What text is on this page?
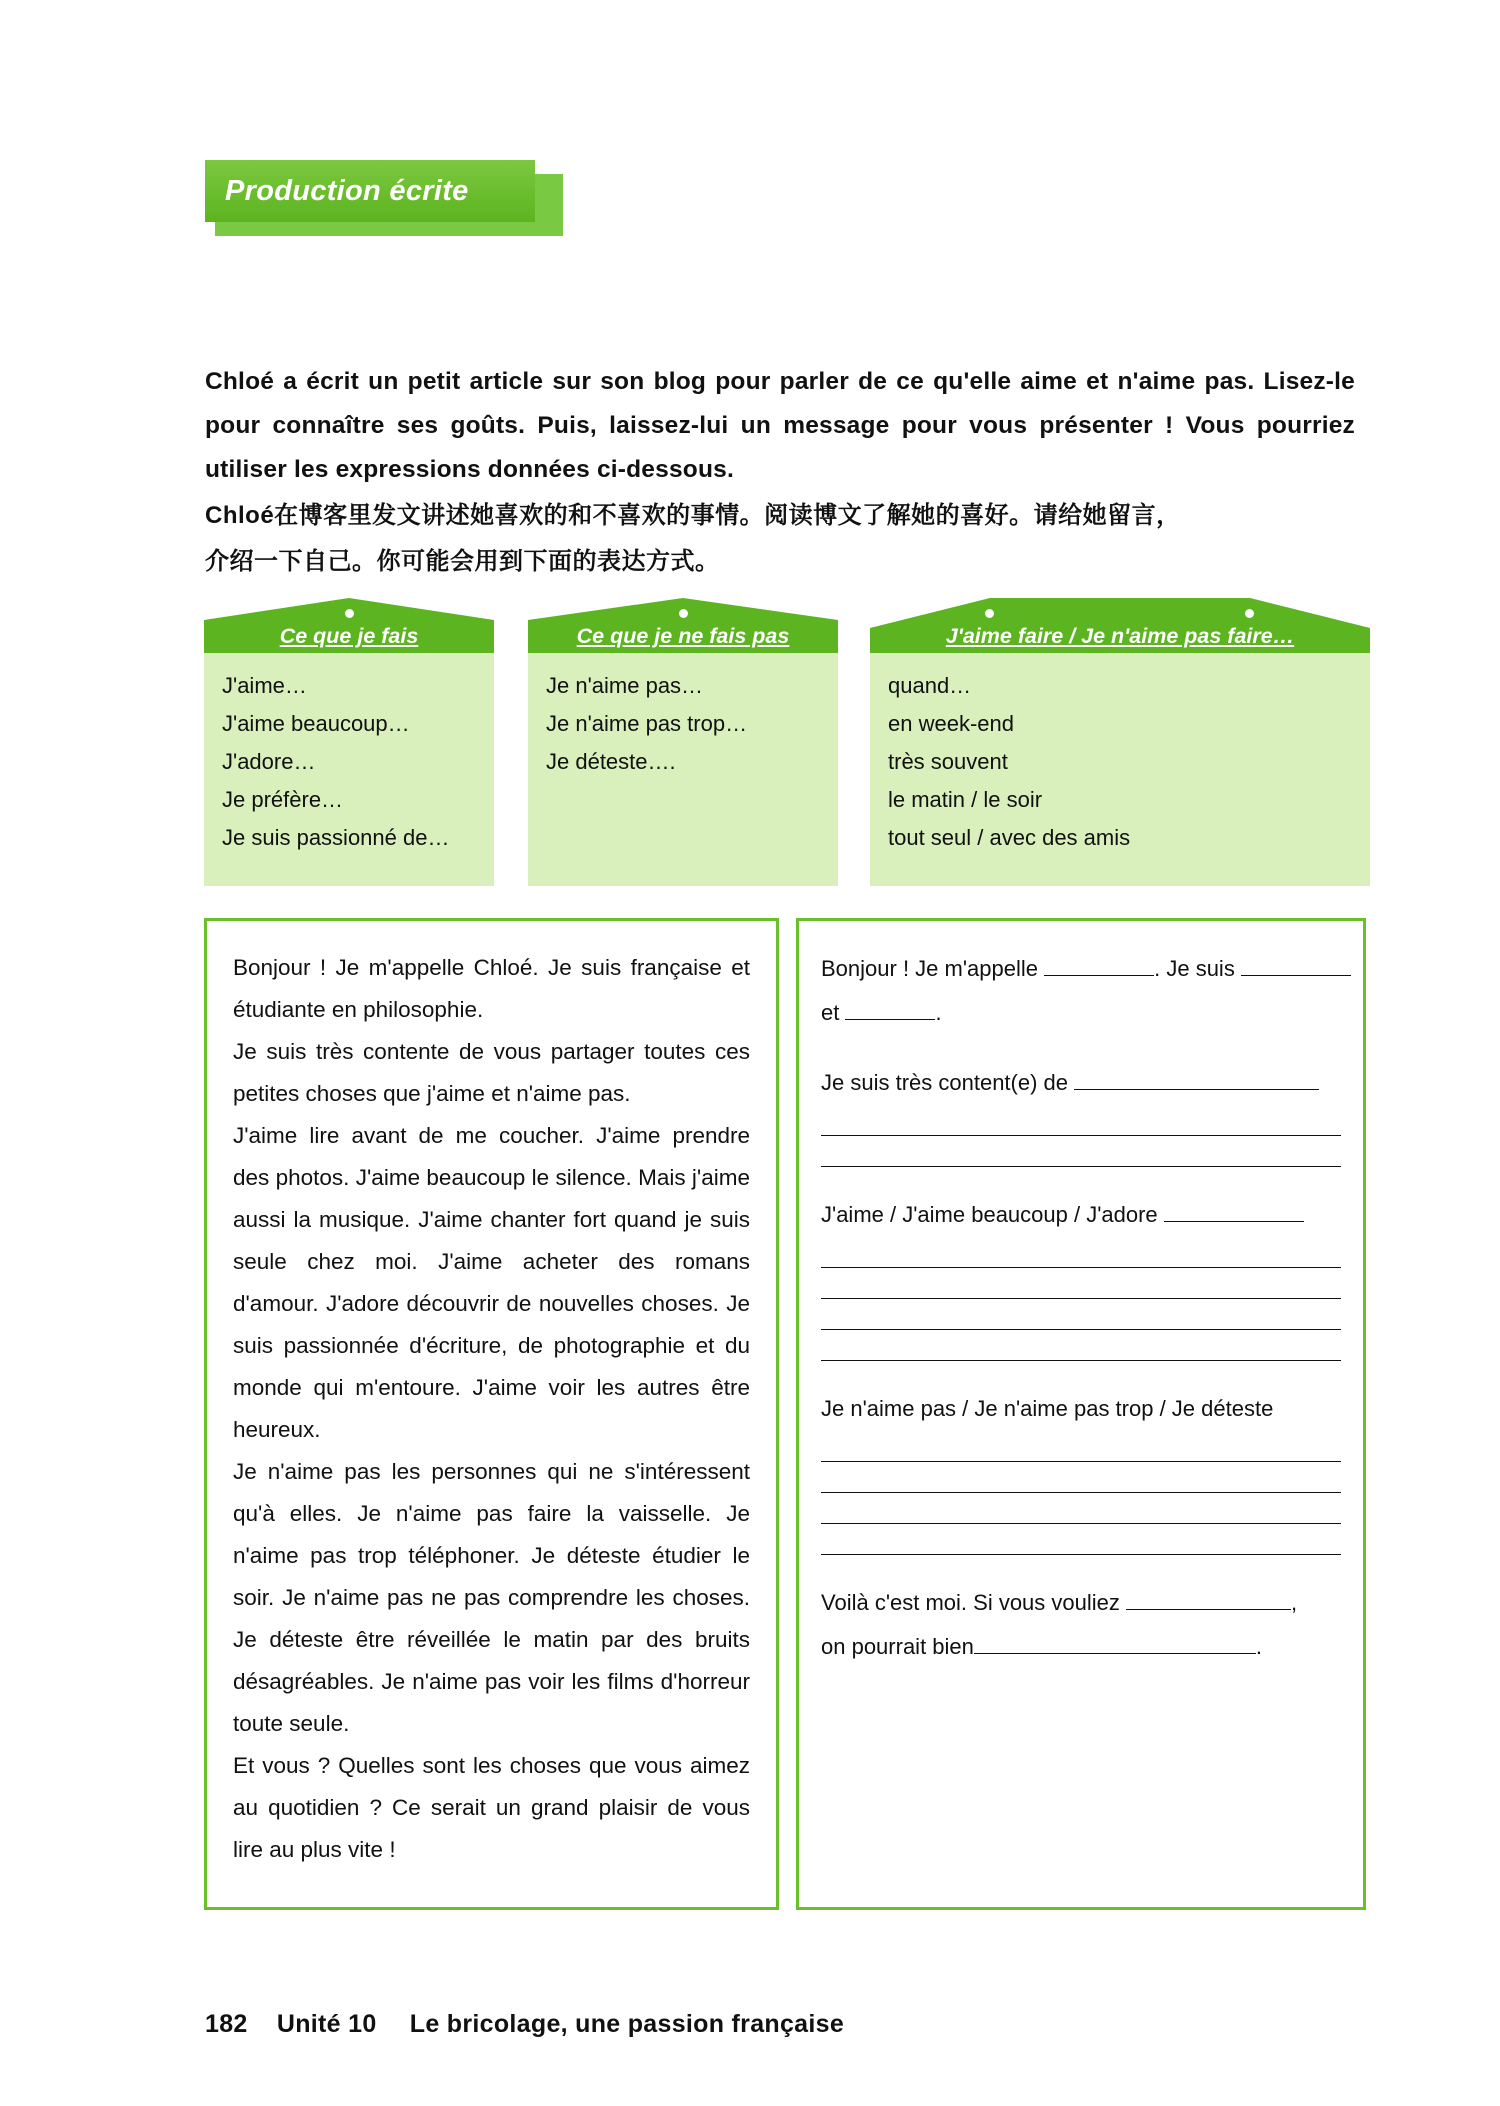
Production écrite
Chloé a écrit un petit article sur son blog pour parler de ce qu'elle aime et n'aime pas. Lisez-le pour connaître ses goûts. Puis, laissez-lui un message pour vous présenter ! Vous pourriez utiliser les expressions données ci-dessous.
Chloé在博客里发文讲述她喜欢的和不喜欢的事情。阅读博文了解她的喜好。请给她留言，
介绍一下自己。你可能会用到下面的表达方式。
Ce que je fais
J'aime…
J'aime beaucoup…
J'adore…
Je préfère…
Je suis passionné de…
Ce que je ne fais pas
Je n'aime pas…
Je n'aime pas trop…
Je déteste….
J'aime faire / Je n'aime pas faire…
quand…
en week-end
très souvent
le matin / le soir
tout seul / avec des amis

Bonjour ! Je m'appelle Chloé. Je suis française et étudiante en philosophie.

Je suis très contente de vous partager toutes ces petites choses que j'aime et n'aime pas.

J'aime lire avant de me coucher. J'aime prendre des photos. J'aime beaucoup le silence. Mais j'aime aussi la musique. J'aime chanter fort quand je suis seule chez moi. J'aime acheter des romans d'amour. J'adore découvrir de nouvelles choses. Je suis passionnée d'écriture, de photographie et du monde qui m'entoure. J'aime voir les autres être heureux.

Je n'aime pas les personnes qui ne s'intéressent qu'à elles. Je n'aime pas faire la vaisselle. Je n'aime pas trop téléphoner. Je déteste étudier le soir. Je n'aime pas ne pas comprendre les choses. Je déteste être réveillée le matin par des bruits désagréables. Je n'aime pas voir les films d'horreur toute seule.

Et vous ? Quelles sont les choses que vous aimez au quotidien ? Ce serait un grand plaisir de vous lire au plus vite !

Bonjour ! Je m'appelle	. Je suis
et	.
Je suis très content(e) de
J'aime / J'aime beaucoup / J'adore
Je n'aime pas / Je n'aime pas trop / Je déteste
Voilà c'est moi. Si vous vouliez	,
on pourrait bien	.
182 Unité 10 Le bricolage, une passion française
